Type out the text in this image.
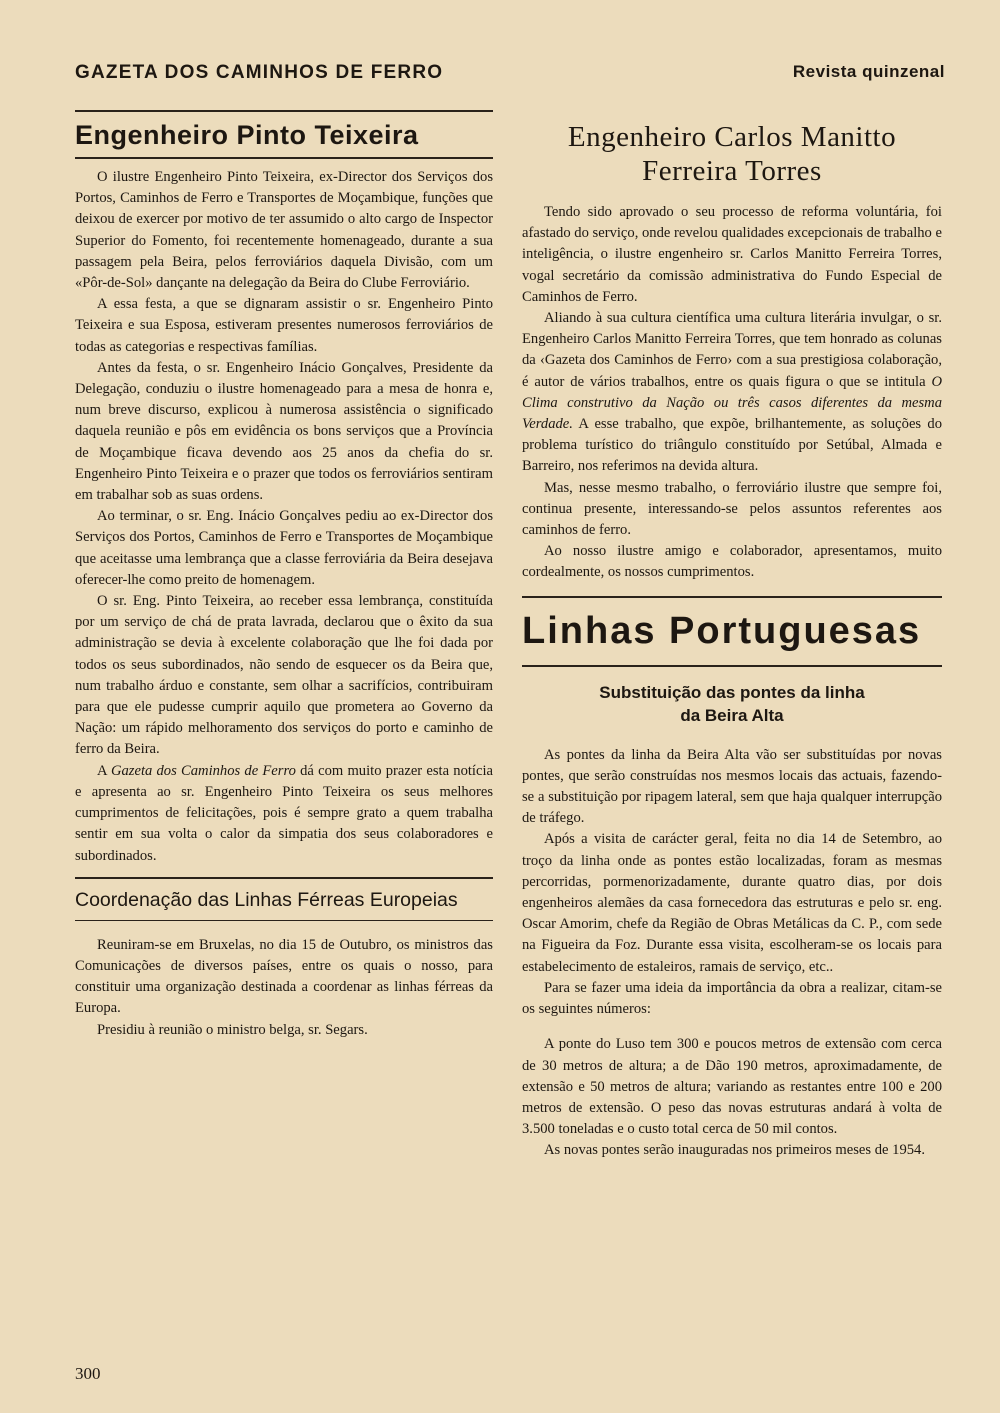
GAZETA DOS CAMINHOS DE FERRO	Revista quinzenal
Engenheiro Pinto Teixeira

O ilustre Engenheiro Pinto Teixeira, ex-Director dos Serviços dos Portos, Caminhos de Ferro e Transportes de Moçambique, funções que deixou de exercer por motivo de ter assumido o alto cargo de Inspector Superior do Fomento, foi recentemente homenageado, durante a sua passagem pela Beira, pelos ferroviários daquela Divisão, com um «Pôr-de-Sol» dançante na delegação da Beira do Clube Ferroviário.

A essa festa, a que se dignaram assistir o sr. Engenheiro Pinto Teixeira e sua Esposa, estiveram presentes numerosos ferroviários de todas as categorias e respectivas famílias.

Antes da festa, o sr. Engenheiro Inácio Gonçalves, Presidente da Delegação, conduziu o ilustre homenageado para a mesa de honra e, num breve discurso, explicou à numerosa assistência o significado daquela reunião e pôs em evidência os bons serviços que a Província de Moçambique ficava devendo aos 25 anos da chefia do sr. Engenheiro Pinto Teixeira e o prazer que todos os ferroviários sentiram em trabalhar sob as suas ordens.

Ao terminar, o sr. Eng. Inácio Gonçalves pediu ao ex-Director dos Serviços dos Portos, Caminhos de Ferro e Transportes de Moçambique que aceitasse uma lembrança que a classe ferroviária da Beira desejava oferecer-lhe como preito de homenagem.

O sr. Eng. Pinto Teixeira, ao receber essa lembrança, constituída por um serviço de chá de prata lavrada, declarou que o êxito da sua administração se devia à excelente colaboração que lhe foi dada por todos os seus subordinados, não sendo de esquecer os da Beira que, num trabalho árduo e constante, sem olhar a sacrifícios, contribuiram para que ele pudesse cumprir aquilo que prometera ao Governo da Nação: um rápido melhoramento dos serviços do porto e caminho de ferro da Beira.

A Gazeta dos Caminhos de Ferro dá com muito prazer esta notícia e apresenta ao sr. Engenheiro Pinto Teixeira os seus melhores cumprimentos de felicitações, pois é sempre grato a quem trabalha sentir em sua volta o calor da simpatia dos seus colaboradores e subordinados.

Coordenação das Linhas Férreas Europeias

Reuniram-se em Bruxelas, no dia 15 de Outubro, os ministros das Comunicações de diversos países, entre os quais o nosso, para constituir uma organização destinada a coordenar as linhas férreas da Europa.

Presidiu à reunião o ministro belga, sr. Segars.

Engenheiro Carlos Manitto
Ferreira Torres

Tendo sido aprovado o seu processo de reforma voluntária, foi afastado do serviço, onde revelou qualidades excepcionais de trabalho e inteligência, o ilustre engenheiro sr. Carlos Manitto Ferreira Torres, vogal secretário da comissão administrativa do Fundo Especial de Caminhos de Ferro.

Aliando à sua cultura científica uma cultura literária invulgar, o sr. Engenheiro Carlos Manitto Ferreira Torres, que tem honrado as colunas da ‹Gazeta dos Caminhos de Ferro› com a sua prestigiosa colaboração, é autor de vários trabalhos, entre os quais figura o que se intitula O Clima construtivo da Nação ou três casos diferentes da mesma Verdade. A esse trabalho, que expõe, brilhantemente, as soluções do problema turístico do triângulo constituído por Setúbal, Almada e Barreiro, nos referimos na devida altura.

Mas, nesse mesmo trabalho, o ferroviário ilustre que sempre foi, continua presente, interessando-se pelos assuntos referentes aos caminhos de ferro.

Ao nosso ilustre amigo e colaborador, apresentamos, muito cordealmente, os nossos cumprimentos.

Linhas Portuguesas
Substituição das pontes da linha
da Beira Alta

As pontes da linha da Beira Alta vão ser substituídas por novas pontes, que serão construídas nos mesmos locais das actuais, fazendo-se a substituição por ripagem lateral, sem que haja qualquer interrupção de tráfego.

Após a visita de carácter geral, feita no dia 14 de Setembro, ao troço da linha onde as pontes estão localizadas, foram as mesmas percorridas, pormenorizadamente, durante quatro dias, por dois engenheiros alemães da casa fornecedora das estruturas e pelo sr. eng. Oscar Amorim, chefe da Região de Obras Metálicas da C. P., com sede na Figueira da Foz. Durante essa visita, escolheram-se os locais para estabelecimento de estaleiros, ramais de serviço, etc..

Para se fazer uma ideia da importância da obra a realizar, citam-se os seguintes números:

A ponte do Luso tem 300 e poucos metros de extensão com cerca de 30 metros de altura; a de Dão 190 metros, aproximadamente, de extensão e 50 metros de altura; variando as restantes entre 100 e 200 metros de extensão. O peso das novas estruturas andará à volta de 3.500 toneladas e o custo total cerca de 50 mil contos.

As novas pontes serão inauguradas nos primeiros meses de 1954.

300
